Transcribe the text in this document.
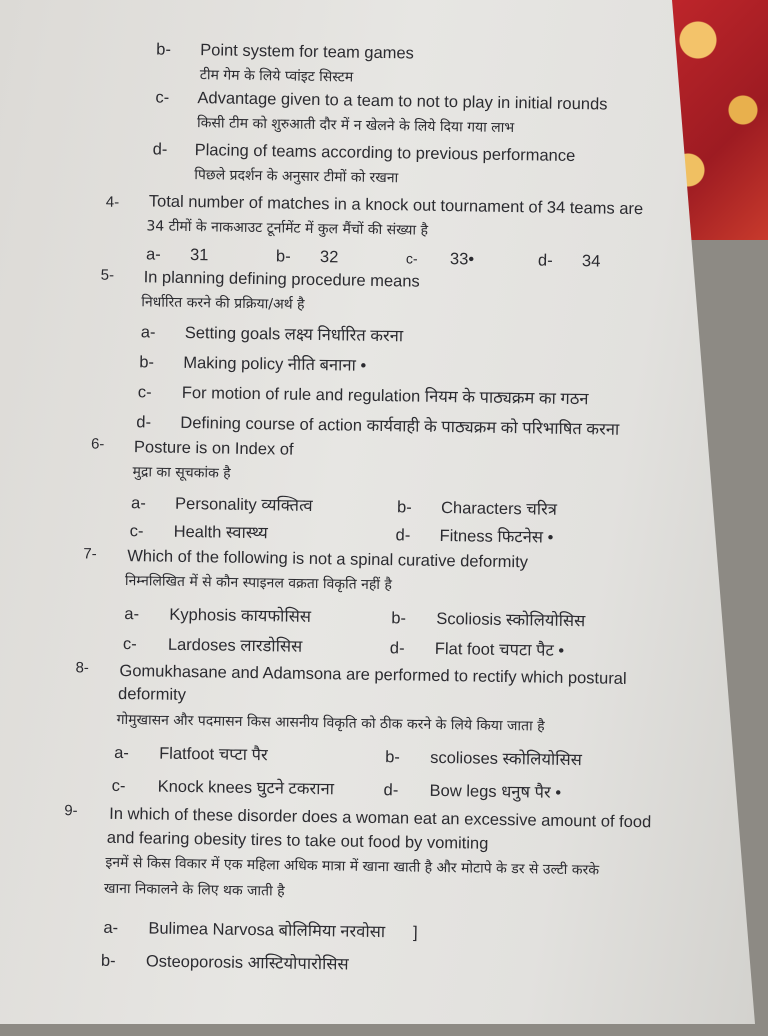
b- Point system for team games
टीम गेम के लिये प्वांइट सिस्टम
c- Advantage given to a team to not to play in initial rounds
किसी टीम को शुरुआती दौर में न खेलने के लिये दिया गया लाभ
d- Placing of teams according to previous performance
पिछले प्रदर्शन के अनुसार टीमों को रखना
4- Total number of matches in a knock out tournament of 34 teams are
34 टीमों के नाकआउट टूर्नामेंट में कुल मैंचों की संख्या है
a- 31	b- 32	c- 33•	d- 34
5- In planning defining procedure means
निर्धारित करने की प्रक्रिया/अर्थ है
a- Setting goals लक्ष्य निर्धारित करना
b- Making policy नीति बनाना •
c- For motion of rule and regulation नियम के पाठ्यक्रम का गठन
d- Defining course of action कार्यवाही के पाठ्यक्रम को परिभाषित करना
6- Posture is on Index of
मुद्रा का सूचकांक है
a- Personality व्यक्तित्व	b- Characters चरित्र
c- Health स्वास्थ्य	d- Fitness फिटनेस •
7- Which of the following is not a spinal curative deformity
निम्नलिखित में से कौन स्पाइनल वक्रता विकृति नहीं है
a- Kyphosis कायफोसिस	b- Scoliosis स्कोलियोसिस
c- Lardoses लारडोसिस	d- Flat foot चपटा पैट •
8- Gomukhasane and Adamsona are performed to rectify which postural
deformity
गोमुखासन और पदमासन किस आसनीय विकृति को ठीक करने के लिये किया जाता है
a- Flatfoot चप्टा पैर	b- scolioses स्कोलियोसिस
c- Knock knees घुटने टकराना	d- Bow legs धनुष पैर •
9- In which of these disorder does a woman eat an excessive amount of food
and fearing obesity tires to take out food by vomiting
इनमें से किस विकार में एक महिला अधिक मात्रा में खाना खाती है और मोटापे के डर से उल्टी करके
खाना निकालने के लिए थक जाती है
a- Bulimea Narvosa बोलिमिया नरवोसा ]
b- Osteoporosis आस्टियोपारोसिस
